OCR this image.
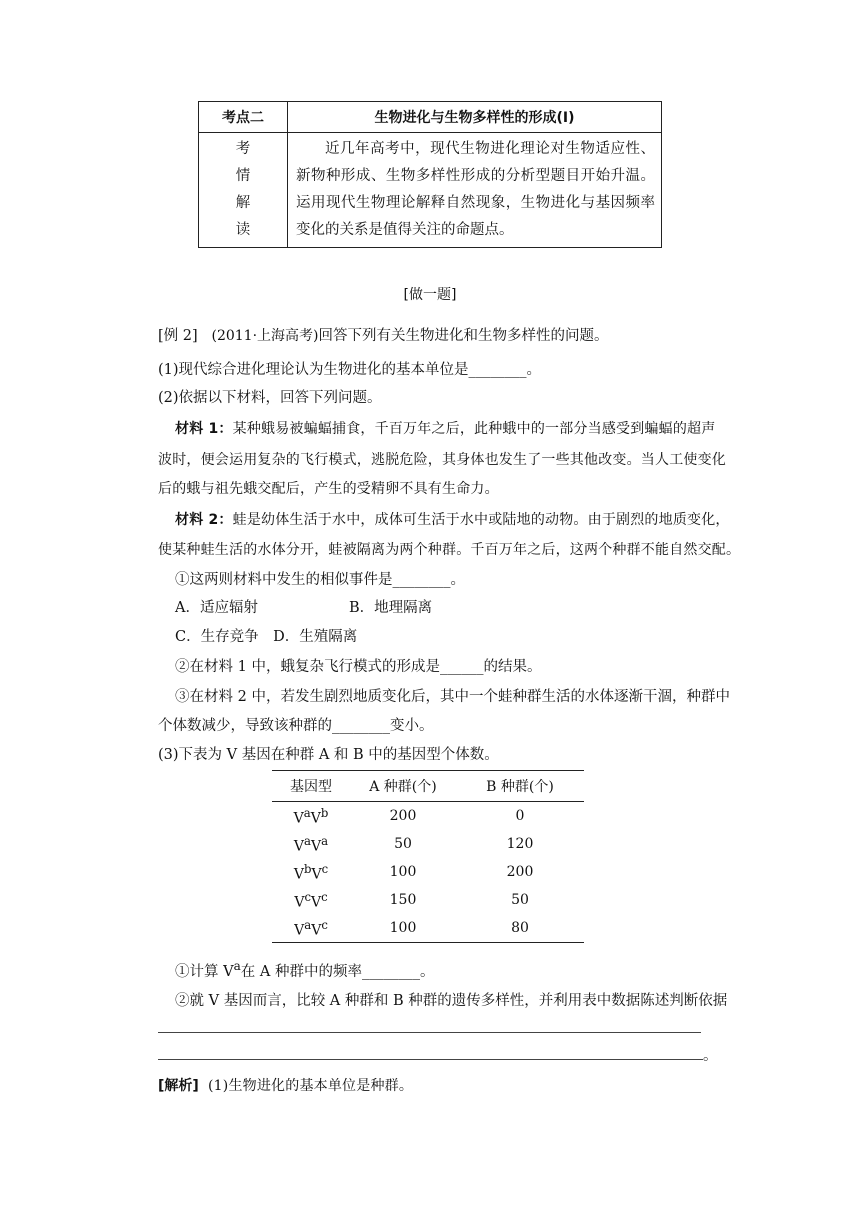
考点二	生物进化与生物多样性的形成(Ⅰ)

考
情
解
读	近几年高考中，现代生物进化理论对生物适应性、新物种形成、生物多样性形成的分析型题目开始升温。运用现代生物理论解释自然现象，生物进化与基因频率变化的关系是值得关注的命题点。
[做一题]
[例 2] (2011·上海高考)回答下列有关生物进化和生物多样性的问题。
(1)现代综合进化理论认为生物进化的基本单位是________。
(2)依据以下材料，回答下列问题。
材料 1：某种蛾易被蝙蝠捕食，千百万年之后，此种蛾中的一部分当感受到蝙蝠的超声
波时，便会运用复杂的飞行模式，逃脱危险，其身体也发生了一些其他改变。当人工使变化
后的蛾与祖先蛾交配后，产生的受精卵不具有生命力。
材料 2：蛙是幼体生活于水中，成体可生活于水中或陆地的动物。由于剧烈的地质变化，
使某种蛙生活的水体分开，蛙被隔离为两个种群。千百万年之后，这两个种群不能自然交配。
①这两则材料中发生的相似事件是________。
A．适应辐射	B．地理隔离
C．生存竞争　D．生殖隔离
②在材料 1 中，蛾复杂飞行模式的形成是______的结果。
③在材料 2 中，若发生剧烈地质变化后，其中一个蛙种群生活的水体逐渐干涸，种群中
个体数减少，导致该种群的________变小。
(3)下表为 V 基因在种群 A 和 B 中的基因型个体数。
基因型	A 种群(个)	B 种群(个)
$V^aV^b$	200	0
$V^aV^a$	50	120
$V^bV^c$	100	200
$V^cV^c$	150	50
$V^aV^c$	100	80
①计算 $V^a$在 A 种群中的频率________。
②就 V 基因而言，比较 A 种群和 B 种群的遗传多样性，并利用表中数据陈述判断依据
。
[解析] (1)生物进化的基本单位是种群。
